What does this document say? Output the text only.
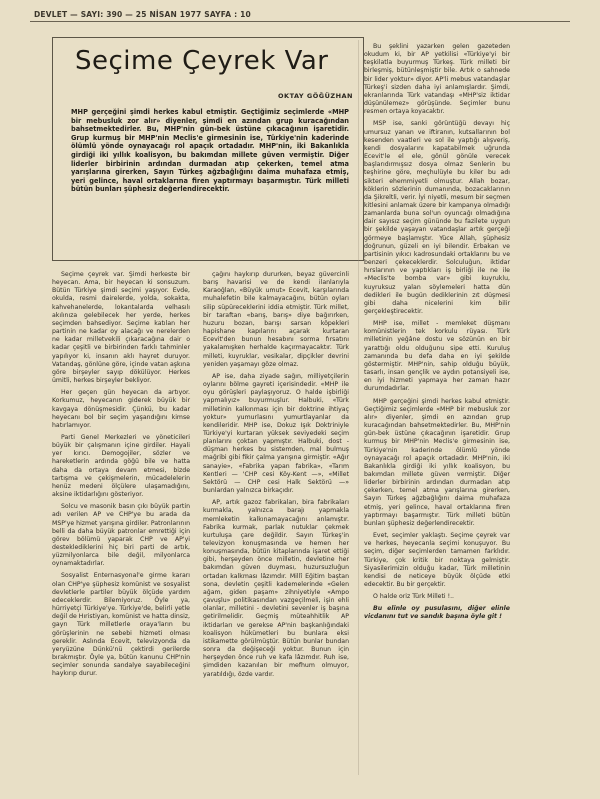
DEVLET — SAYI: 390 — 25 NİSAN 1977 SAYFA : 10
Seçime Çeyrek Var
OKTAY GÖĞÜZHAN
MHP gerçeğini şimdi herkes kabul etmiştir. Geçtiğimiz seçimlerde «MHP bir mebusluk zor alır» diyenler, şimdi en azından grup kuracağından bahsetmektedirler. Bu, MHP'nin gün-bek üstüne çıkacağının işaretidir. Grup kurmuş bir MHP'nin Meclis'e girmesinin ise, Türkiye'nin kaderinde ölümlü yönde oynayacağı rol apaçık ortadadır. MHP'nin, iki Bakanlıkla girdiği iki yıllık koalisyon, bu bakımdan millete güven vermiştir. Diğer liderler birbirinin ardından durmadan atıp çekerken, temel atma yarışlarına girerken, Sayın Türkeş ağzbağlığını daima muhafaza etmiş, yeri gelince, haval ortaklarına firen yaptırmayı başarmıştır. Türk milleti bütün bunları şüphesiz değerlendirecektir.

Seçime çeyrek var. Şimdi herkeste bir heyecan. Ama, bir heyecan ki sonsuzum. Bütün Türkiye şimdi seçimi yaşıyor. Evde, okulda, resmi dairelerde, yolda, sokakta, kahvehanelerde, lokantalarda velhasılı akılınıza gelebilecek her yerde, herkes seçimden bahsediyor. Seçime katılan her partinin ne kadar oy alacağı ve nerelerden ne kadar milletvekili çıkaracağına dair o kadar çeşitli ve birbirinden farklı tahminler yapılıyor ki, insanın aklı hayret duruyor. Vatandaş, gönlüne göre, içinde vatan aşkına göre birşeyler sayıp dökülüyor. Herkes ümitli, herkes birşeyler bekliyor.

Her geçen gün heyecan da artıyor. Korkumuz, heyecanın giderek büyük bir kavgaya dönüşmesidir. Çünkü, bu kadar heyecanı bol bir seçim yaşandığını kimse hatırlamıyor.

Parti Genel Merkezleri ve yöneticileri büyük bir çalışmanın içine girdiler. Hayali yer kırıcı. Demogojiler, sözler ve hareketlerin ardında göğü bile ve hatta daha da ortaya devam etmesi, bizde tartışma ve çekişmelerin, mücadelelerin henüz medeni ölçülere ulaşamadığını, aksine iktidarlığını gösteriyor.

Solcu ve masonik basın çıkı büyük partin adı verilen AP ve CHP'ye bu arada da MSP'ye hizmet yarışına girdiler. Patronlarının belli da daha büyük patronlar emrettiği için görev bölümü yaparak CHP ve AP'yi desteklediklerini hiç biri parti de artık, yüzmilyonlarca bile değil, milyonlarca oynamaktadırlar.

Sosyalist Enternasyonal'e girme kararı olan CHP'ye şüphesiz komünist ve sosyalist devletlerle partiler büyük ölçüde yardım edeceklerdir. Bilemiyoruz. Öyle ya, hürriyetçi Türkiye'ye. Türkiye'de, belirli yetle değil de Hıristiyan, komünist ve hatta dinsiz, gayrı Türk milletlerle oraya'ların bu görüşlerinin ne sebebi hizmeti olması gereklir. Aslında Ecevit, televizyonda da yeryüzüne Dünkü'nü çektirdi gerilerde bırakmıştır. Öyle ya, bütün kanunu CHP'nin seçimler sonunda sandalye sayabileceğini haykırıp durur.

çağını haykırıp dururken, beyaz güvercinli barış havarisi ve de kendi ilanlarıyla Karaoğlan, «Büyük umut» Ecevit, karşılarında muhalefetin bile kalmayacağını, bütün oyları silip süpüreceklerini iddia etmiştir. Türk millet, bir taraftan «barış, barış» diye bağırırken, huzuru bozan, barışı sarsan köpekleri hapishane kapılarını açarak kurtaran Ecevit'den bunun hesabını sorma fırsatını yakalamışken herhalde kaçırmayacaktır. Türk milleti, kuyruklar, vesikalar, dipçikler devrini yeniden yaşamayı göze olmaz.

AP ise, daha ziyade sağın, milliyetçilerin oylarını bölme gayreti içerisindedir. «MHP ile oyu görüşleri paylaşıyoruz. O halde işbirliği yapmalıyız» buyurmuşlur. Halbuki, «Türk milletinin kalkınması için bir doktrine ihtiyaç yoktur» yumurlasını yumurtlayanlar da kendileridir. MHP ise, Dokuz Işık Doktriniyle Türkiye'yi kurtaran yüksek seviyedeki seçim planlarını çoktan yapmıştır. Halbuki, dost - düşman herkes bu sistemden, mal bulmuş mağribi gibi fikir çalma yarışına girmiştir. «Ağır sanayie», «Fabrika yapan fabrika», «Tarım Kentleri — 'CHP cesi Köy-Kent —», «Millet Sektörü — CHP cesi Halk Sektörü —» bunlardan yalnızca birkaçıdır.

AP, artık gazoz fabrikaları, bira fabrikaları kurmakla, yalnızca barajı yapmakla memleketin kalkınamayacağını anlamıştır. Fabrika kurmak, parlak nutuklar çekmek kurtuluşa çare değildir. Sayın Türkeş'in televizyon konuşmasında ve hemen her konuşmasında, bütün kitaplarında işaret ettiği gibi, herşeyden önce milletin, devletine her bakımdan güven duyması, huzursuzluğun ortadan kalkması lâzımdır. Millî Eğitim baştan sona, devletin çeşitli kademelerinde «Gelen ağam, giden paşam» zihniyetiyle «Ampo çavuşlu» politikasından vazgeçilmeli, işin ehli olanlar, milletini - devletini sevenler iş başına getirilmelidir. Geçmiş müteahhitlik AP iktidarları ve gerekse AP'nin başkanlığındaki koalisyon hükümetleri bu bunlara eksi istikamette görülmüştür. Bütün bunlar bundan sonra da değişeceği yoktur. Bunun için herşeyden önce ruh ve kafa lâzımdır. Ruh ise, şimdiden kazanılan bir mefhum olmuyor, yaratıldığı, özde vardır.

Bu şeklini yazarken gelen gazeteden okudum ki, bir AP yetkilisi «Türkiye'yi bir teşkilatla buyurmuş Türkeş. Türk milleti bir birleşmiş, bütünleşmiştir bile. Artık o sahnede bir lider yoktur» diyor. AP'li mebus vatandaşlar Türkeş'i sizden daha iyi anlamışlardır. Şimdi, ekranlarında Türk vatandaşı «MHP'siz iktidar düşünülemez» görüşünde. Seçimler bunu resmen ortaya koyacaktır.

MSP ise, sanki görüntüğü devayı hiç umursuz yanan ve iftiranın, kutsallarının bol kesenden vaatleri ve sol ile yaptığı alışveriş, kendi dosyalarını kapatabilmek uğrunda Ecevit'le el ele, gönül gönüle verecek başlarıdırmışsız dosya olmaz Senlerin bu teşhirine göre, meçhulüyle bu kiler bu adı sikteri ehemmiyetli olmuştur. Allah bozar, köklerin sözlerinin dumanında, bozacaklarının da Şikreltli, verir. İyi niyetli, mesum bir seçmen kitlesini anlamak üzere bir kampanya olmadığı zamanlarda buna sol'un oyuncağı olmadığına dair sayısız seçim gününde bu fazilete uygun bir şekilde yaşayan vatandaşlar artık gerçeği görmeye başlamıştır. Yüce Allah, şüphesiz doğrunun, güzeli en iyi bilendir. Erbakan ve partisinin yıkıcı kadrosundaki ortaklarını bu ve benzeri çekeceklerdir. Solculuğun, iktidar hırslarının ve yaptıkları iş birliği ile ne ile «Meclis'te bomba var» gibi kuyruklu, kuyruksuz yalan söylemeleri hatta dün dedikleri ile bugün dediklerinin zıt düşmesi gibi daha nicelerini kim bilir gerçekleştirecektir.

MHP ise, millet - memleket düşmanı komünistlerin tek korkulu rüyası. Türk milletinin yeğâne dostu ve sözünün en bir yarattığı oldu olduğunu sipe etti. Kuruluş zamanında bu defa daha en iyi şekilde göstermiştir. MHP'nin, sahip olduğu büyük, tasarlı, insan gençlik ve aydın potansiyeli ise, en iyi hizmeti yapmaya her zaman hazır durumdadırlar.

MHP gerçeğini şimdi herkes kabul etmiştir. Geçtiğimiz seçimlerde «MHP bir mebusluk zor alır» diyenler, şimdi en azından grup kuracağından bahsetmektedirler. Bu, MHP'nin gün-bek üstüne çıkacağının işaretidir. Grup kurmuş bir MHP'nin Meclis'e girmesinin ise, Türkiye'nin kaderinde ölümlü yönde oynayacağı rol apaçık ortadadır. MHP'nin, iki Bakanlıkla girdiği iki yıllık koalisyon, bu bakımdan millete güven vermiştir. Diğer liderler birbirinin ardından durmadan atıp çekerken, temel atma yarışlarına girerken, Sayın Türkeş ağzbağlığını daima muhafaza etmiş, yeri gelince, haval ortaklarına firen yaptırmayı başarmıştır. Türk milleti bütün bunları şüphesiz değerlendirecektir.

Evet, seçimler yaklaştı. Seçime çeyrek var ve herkes, heyecanla seçimi konuşuyor. Bu seçim, diğer seçimlerden tamamen farklıdır. Türkiye, çok kritik bir noktaya gelmiştir. Siyasilerimizin olduğu kadar, Türk milletinin kendisi de neticeye büyük ölçüde etki edecektir. Bu bir gerçektir.

O halde oriz Türk Milleti !..

Bu elinle oy pusulasını, diğer elinle vicdanını tut ve sandık başına öyle git !
